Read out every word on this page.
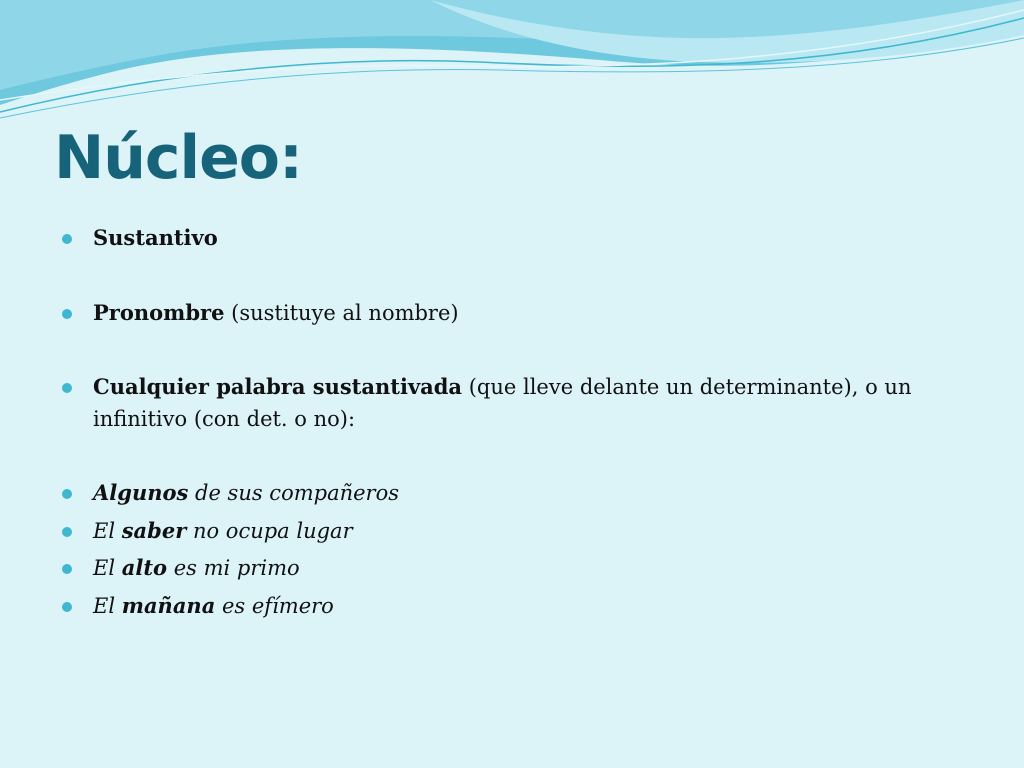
Núcleo:
Sustantivo
Pronombre (sustituye al nombre)
Cualquier palabra sustantivada (que lleve delante un determinante), o un infinitivo (con det. o no):
Algunos de sus compañeros
El saber no ocupa lugar
El alto es mi primo
El mañana es efímero
